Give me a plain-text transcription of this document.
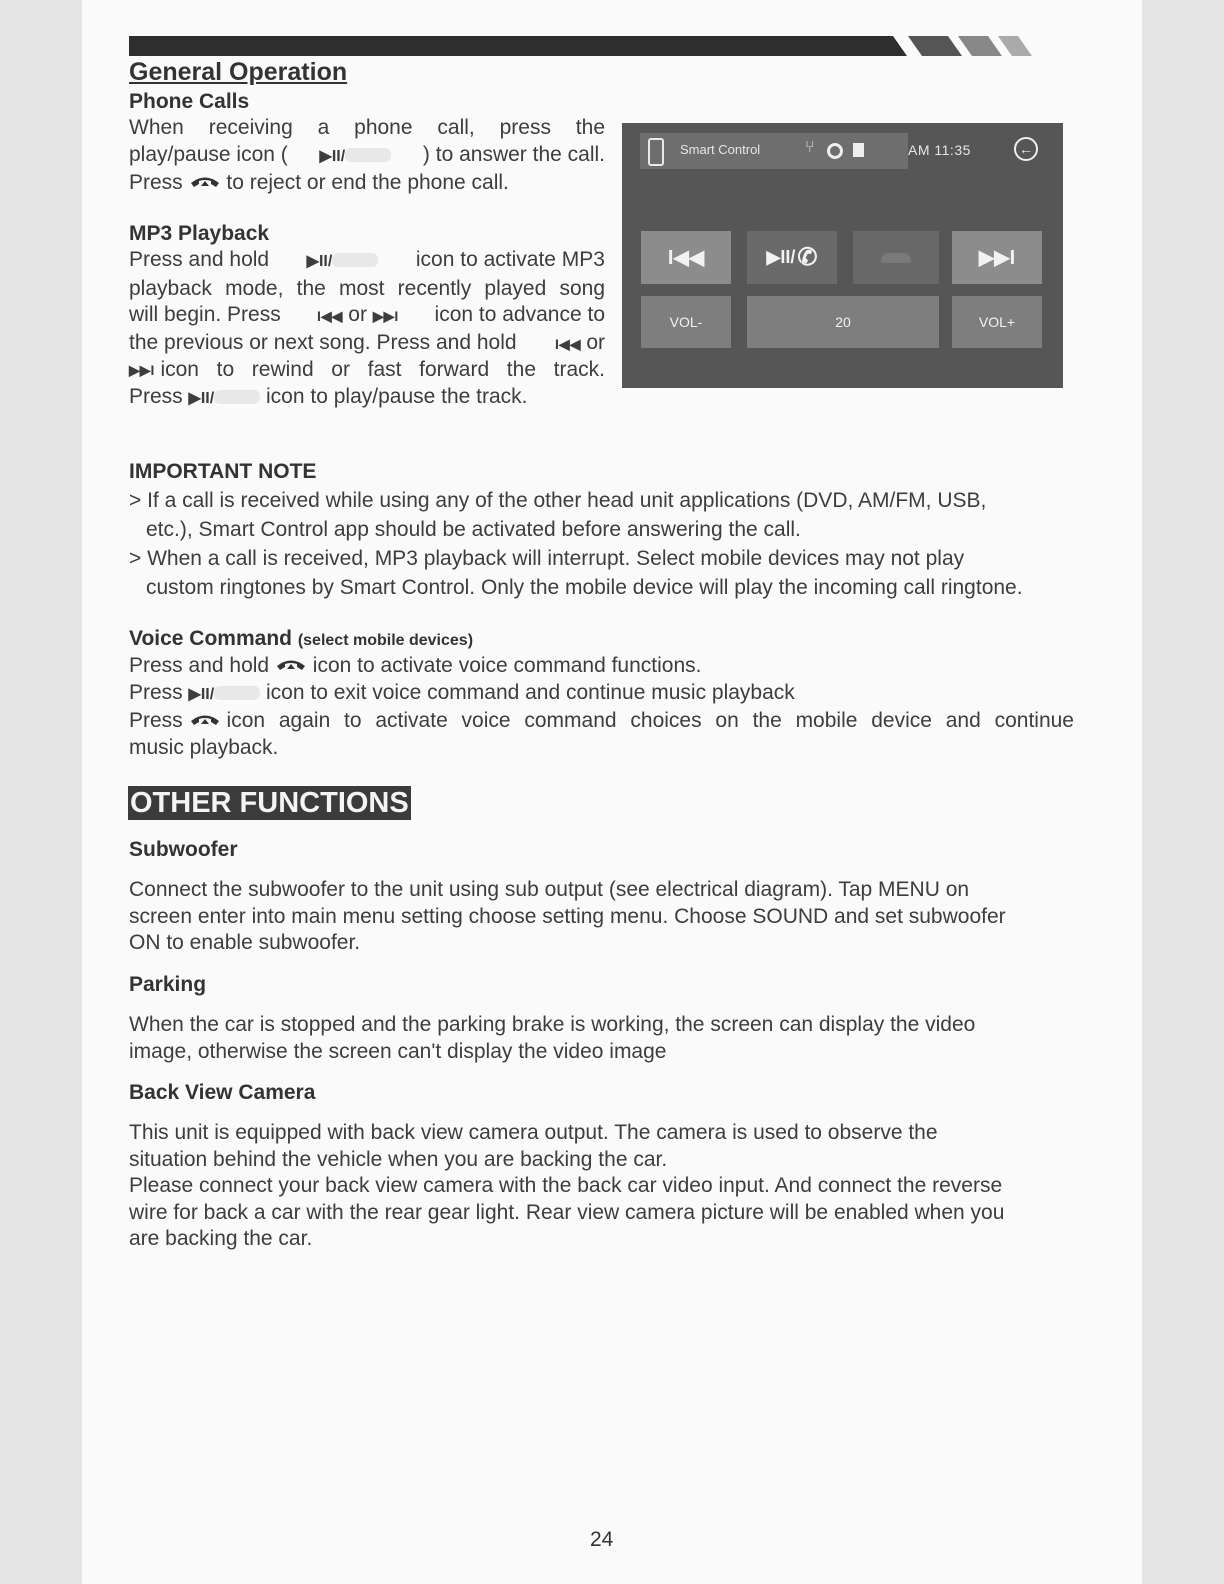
General Operation
Phone Calls
When receiving a phone call, press the
play/pause icon ( ▶II/	) to answer the call.
Press to reject or end the phone call.
MP3 Playback
Press and hold ▶II/	icon to activate MP3
playback mode, the most recently played song
will begin. Press	I◀◀ or ▶▶I icon to advance to
the previous or next song. Press and hold	I◀◀ or
▶▶I icon to rewind or fast forward the track.
Press ▶II/ icon to play/pause the track.
Smart Control	⑂	AM 11:35	←
I◀◀	▶II/ ✆	▶▶I
VOL-	20	VOL+
IMPORTANT NOTE
> If a call is received while using any of the other head unit applications (DVD, AM/FM, USB,
etc.), Smart Control app should be activated before answering the call.
> When a call is received, MP3 playback will interrupt. Select mobile devices may not play
custom ringtones by Smart Control. Only the mobile device will play the incoming call ringtone.
Voice Command (select mobile devices)
Press and hold icon to activate voice command functions.
Press ▶II/ icon to exit voice command and continue music playback
Press	icon again to activate voice command choices on the mobile device and continue
music playback.
OTHER FUNCTIONS
Subwoofer
Connect the subwoofer to the unit using sub output (see electrical diagram). Tap MENU on
screen enter into main menu setting choose setting menu. Choose SOUND and set subwoofer
ON to enable subwoofer.
Parking
When the car is stopped and the parking brake is working, the screen can display the video
image, otherwise the screen can't display the video image
Back View Camera
This unit is equipped with back view camera output. The camera is used to observe the
situation behind the vehicle when you are backing the car.
Please connect your back view camera with the back car video input. And connect the reverse
wire for back a car with the rear gear light. Rear view camera picture will be enabled when you
are backing the car.
24
